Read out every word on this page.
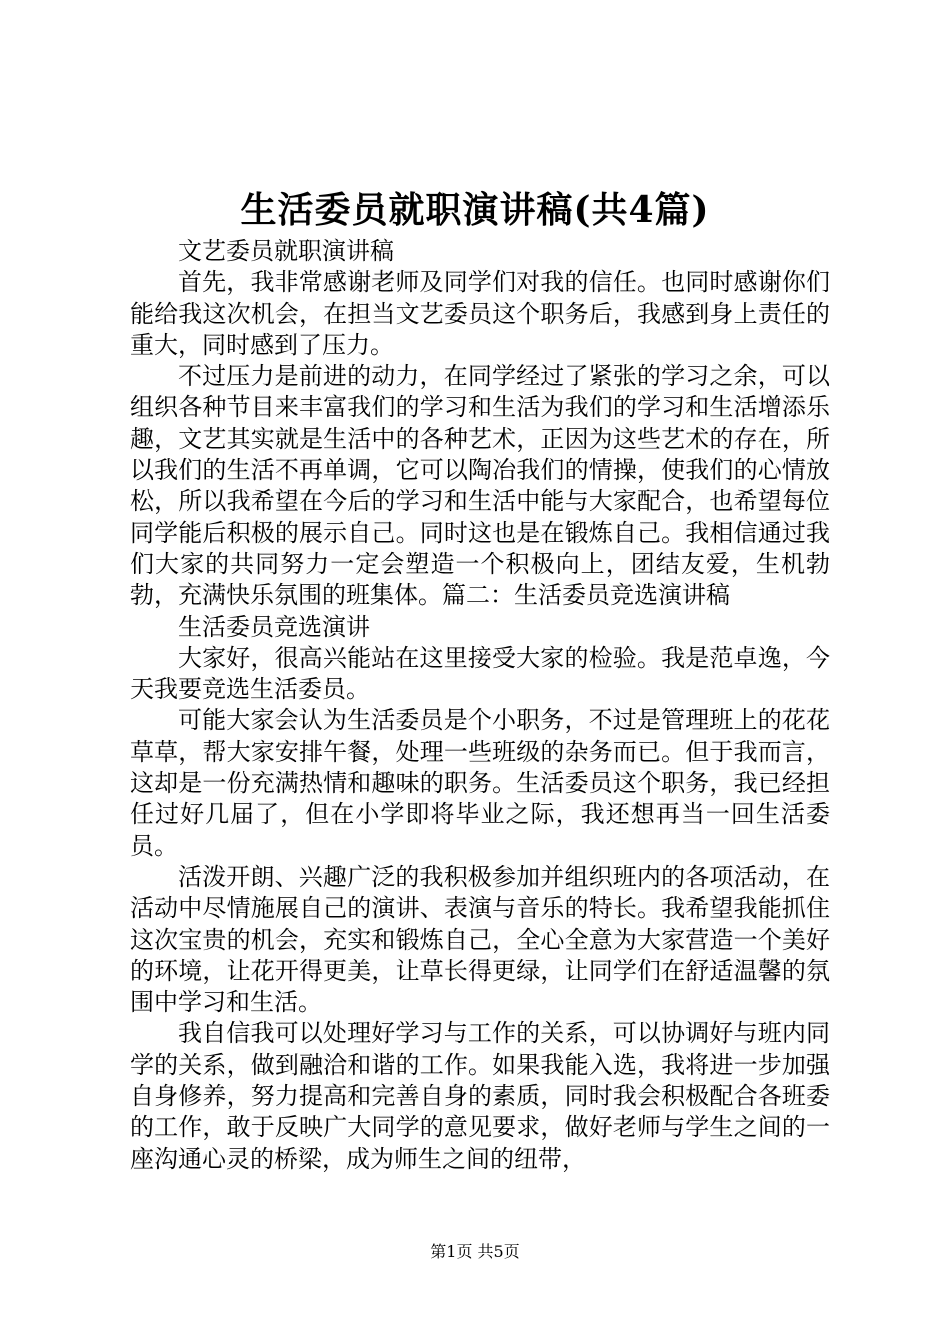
生活委员就职演讲稿(共4篇)

文艺委员就职演讲稿

首先，我非常感谢老师及同学们对我的信任。也同时感谢你们能给我这次机会，在担当文艺委员这个职务后，我感到身上责任的重大，同时感到了压力。

不过压力是前进的动力，在同学经过了紧张的学习之余，可以组织各种节目来丰富我们的学习和生活为我们的学习和生活增添乐趣，文艺其实就是生活中的各种艺术，正因为这些艺术的存在，所以我们的生活不再单调，它可以陶冶我们的情操，使我们的心情放松，所以我希望在今后的学习和生活中能与大家配合，也希望每位同学能后积极的展示自己。同时这也是在锻炼自己。我相信通过我们大家的共同努力一定会塑造一个积极向上，团结友爱，生机勃勃，充满快乐氛围的班集体。篇二：生活委员竞选演讲稿

生活委员竞选演讲

大家好，很高兴能站在这里接受大家的检验。我是范卓逸，今天我要竞选生活委员。

可能大家会认为生活委员是个小职务，不过是管理班上的花花草草，帮大家安排午餐，处理一些班级的杂务而已。但于我而言，这却是一份充满热情和趣味的职务。生活委员这个职务，我已经担任过好几届了，但在小学即将毕业之际，我还想再当一回生活委员。

活泼开朗、兴趣广泛的我积极参加并组织班内的各项活动，在活动中尽情施展自己的演讲、表演与音乐的特长。我希望我能抓住这次宝贵的机会，充实和锻炼自己，全心全意为大家营造一个美好的环境，让花开得更美，让草长得更绿，让同学们在舒适温馨的氛围中学习和生活。

我自信我可以处理好学习与工作的关系，可以协调好与班内同学的关系，做到融洽和谐的工作。如果我能入选，我将进一步加强自身修养，努力提高和完善自身的素质，同时我会积极配合各班委的工作，敢于反映广大同学的意见要求，做好老师与学生之间的一座沟通心灵的桥梁，成为师生之间的纽带，

第1页 共5页
